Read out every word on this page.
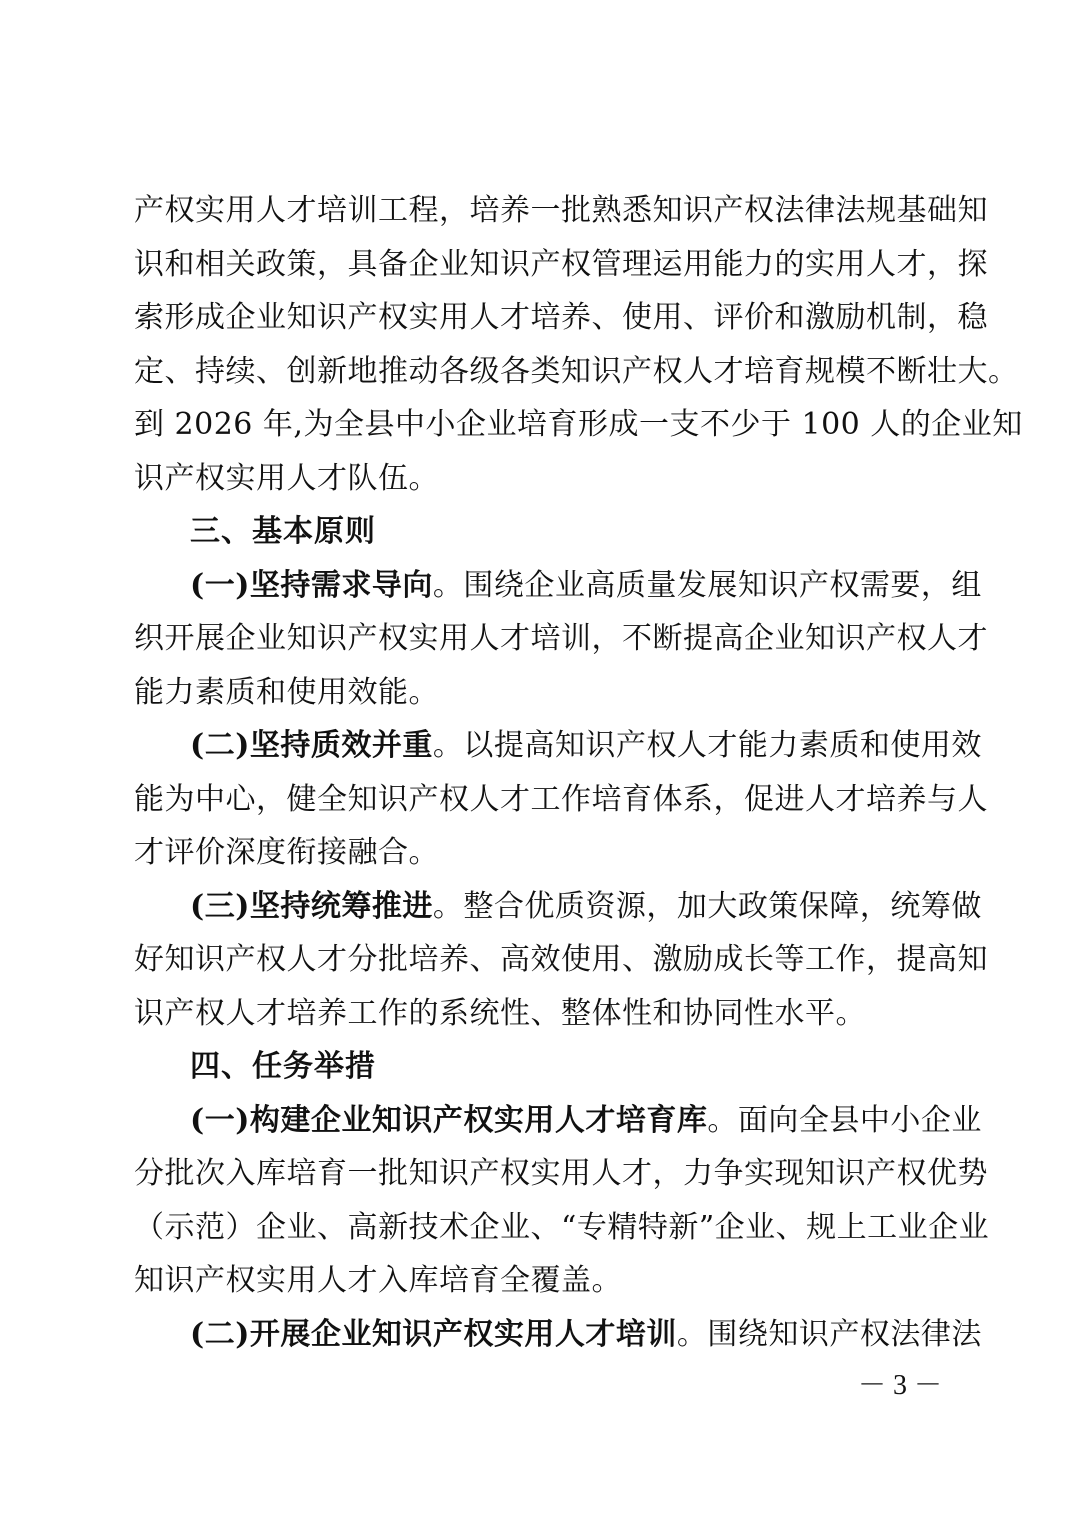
产权实用人才培训工程，培养一批熟悉知识产权法律法规基础知
识和相关政策，具备企业知识产权管理运用能力的实用人才，探
索形成企业知识产权实用人才培养、使用、评价和激励机制，稳
定、持续、创新地推动各级各类知识产权人才培育规模不断壮大。
到 2026 年,为全县中小企业培育形成一支不少于 100 人的企业知
识产权实用人才队伍。
三、基本原则
(一)坚持需求导向。围绕企业高质量发展知识产权需要，组
织开展企业知识产权实用人才培训，不断提高企业知识产权人才
能力素质和使用效能。
(二)坚持质效并重。以提高知识产权人才能力素质和使用效
能为中心，健全知识产权人才工作培育体系，促进人才培养与人
才评价深度衔接融合。
(三)坚持统筹推进。整合优质资源，加大政策保障，统筹做
好知识产权人才分批培养、高效使用、激励成长等工作，提高知
识产权人才培养工作的系统性、整体性和协同性水平。
四、任务举措
(一)构建企业知识产权实用人才培育库。面向全县中小企业
分批次入库培育一批知识产权实用人才，力争实现知识产权优势
（示范）企业、高新技术企业、“专精特新”企业、规上工业企业
知识产权实用人才入库培育全覆盖。
(二)开展企业知识产权实用人才培训。围绕知识产权法律法
－ 3 －
